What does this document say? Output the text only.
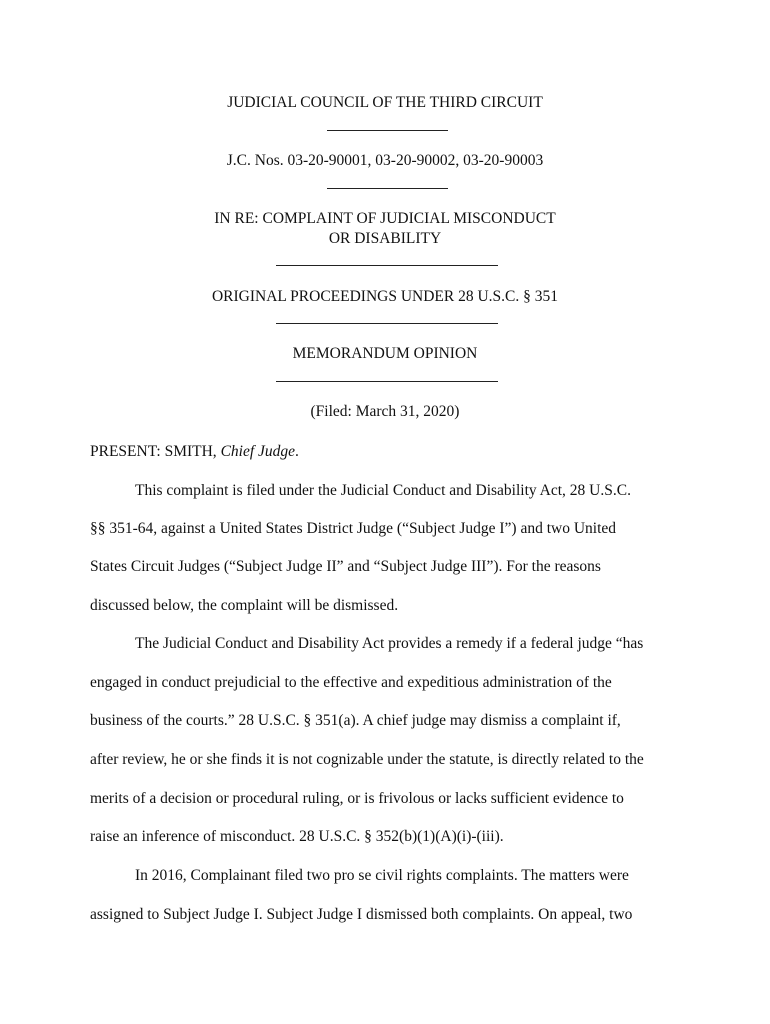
JUDICIAL COUNCIL OF THE THIRD CIRCUIT
J.C. Nos. 03-20-90001, 03-20-90002, 03-20-90003
IN RE: COMPLAINT OF JUDICIAL MISCONDUCT
OR DISABILITY
ORIGINAL PROCEEDINGS UNDER 28 U.S.C. § 351
MEMORANDUM OPINION
(Filed: March 31, 2020)
PRESENT: SMITH, Chief Judge.
This complaint is filed under the Judicial Conduct and Disability Act, 28 U.S.C.
§§ 351-64, against a United States District Judge (“Subject Judge I”) and two United
States Circuit Judges (“Subject Judge II” and “Subject Judge III”). For the reasons
discussed below, the complaint will be dismissed.
The Judicial Conduct and Disability Act provides a remedy if a federal judge “has
engaged in conduct prejudicial to the effective and expeditious administration of the
business of the courts.” 28 U.S.C. § 351(a). A chief judge may dismiss a complaint if,
after review, he or she finds it is not cognizable under the statute, is directly related to the
merits of a decision or procedural ruling, or is frivolous or lacks sufficient evidence to
raise an inference of misconduct. 28 U.S.C. § 352(b)(1)(A)(i)-(iii).
In 2016, Complainant filed two pro se civil rights complaints. The matters were
assigned to Subject Judge I. Subject Judge I dismissed both complaints. On appeal, two
